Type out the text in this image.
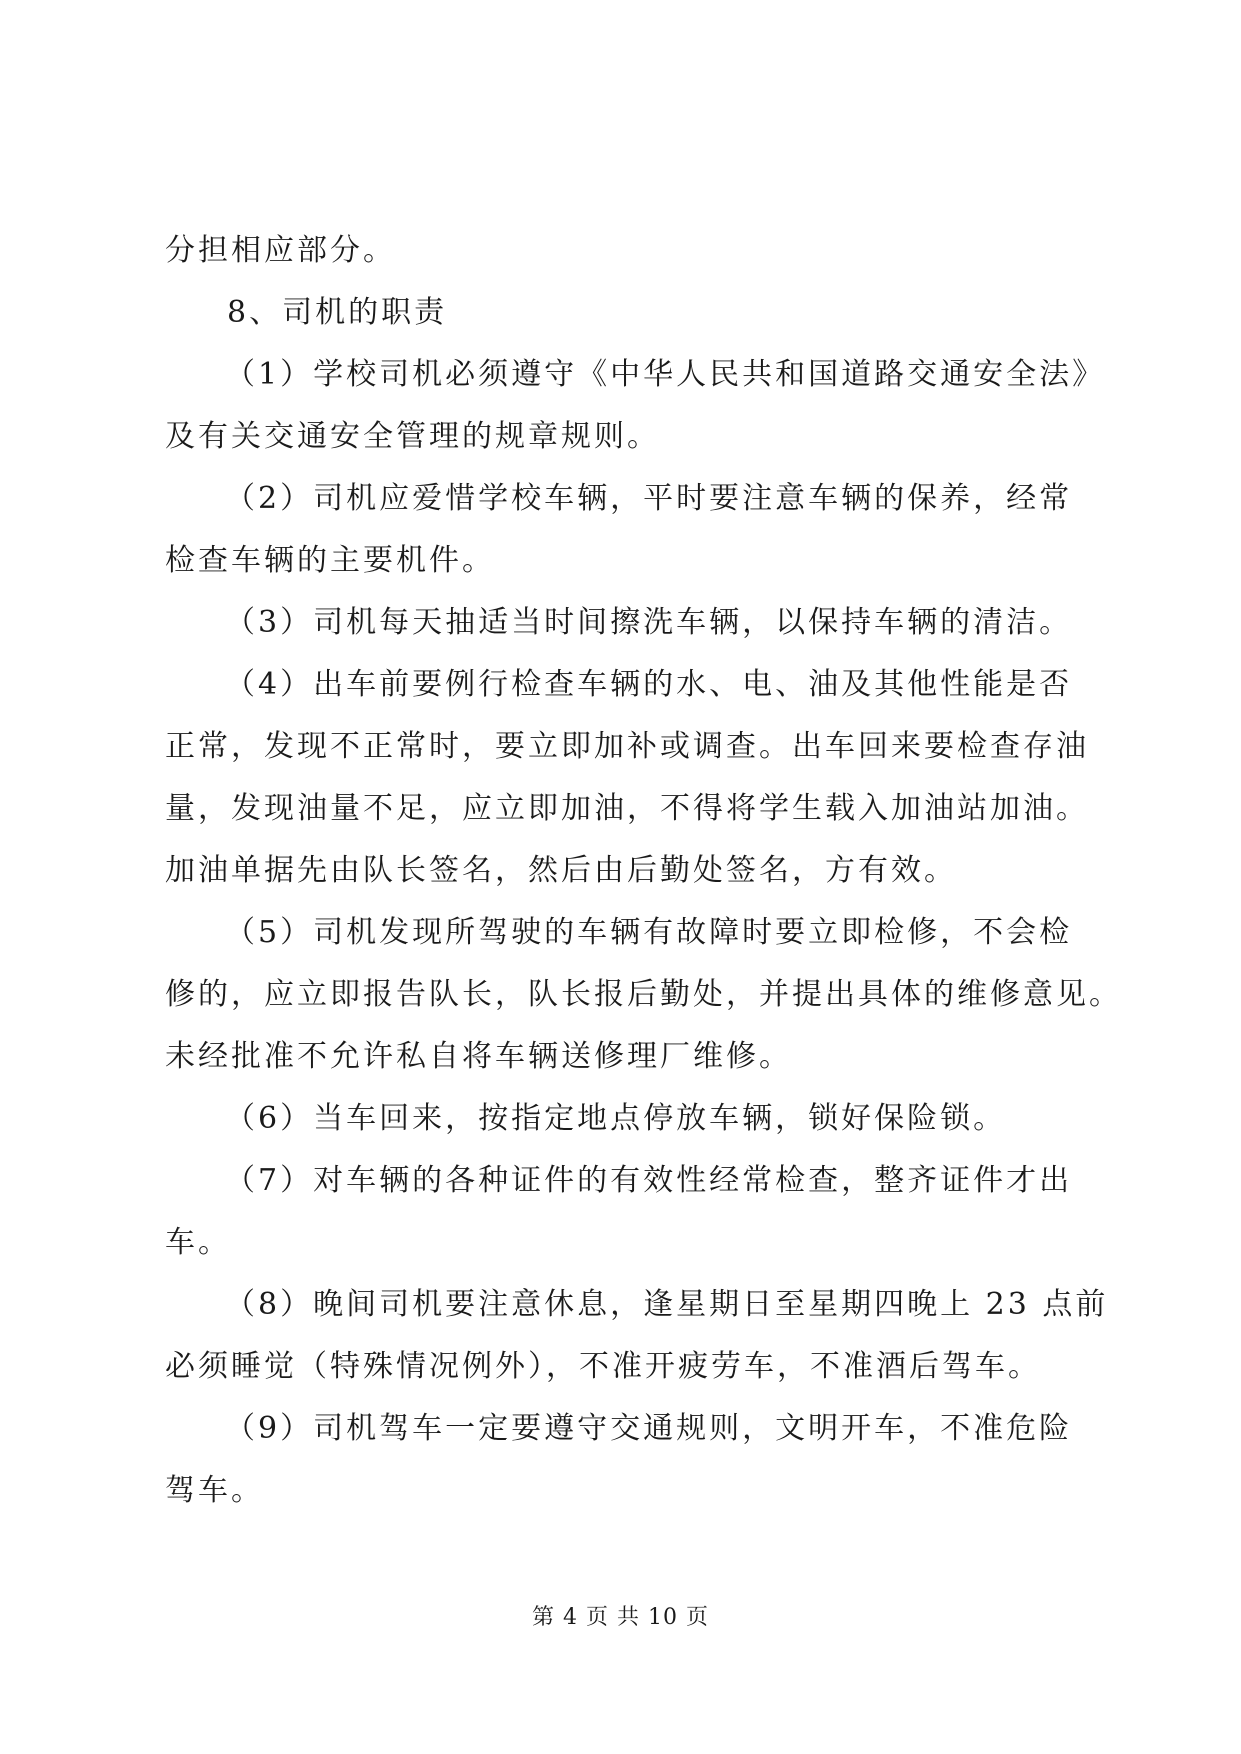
分担相应部分。
8、司机的职责
（1）学校司机必须遵守《中华人民共和国道路交通安全法》
及有关交通安全管理的规章规则。
（2）司机应爱惜学校车辆，平时要注意车辆的保养，经常
检查车辆的主要机件。
（3）司机每天抽适当时间擦洗车辆，以保持车辆的清洁。
（4）出车前要例行检查车辆的水、电、油及其他性能是否
正常，发现不正常时，要立即加补或调查。出车回来要检查存油
量，发现油量不足，应立即加油，不得将学生载入加油站加油。
加油单据先由队长签名，然后由后勤处签名，方有效。
（5）司机发现所驾驶的车辆有故障时要立即检修，不会检
修的，应立即报告队长，队长报后勤处，并提出具体的维修意见。
未经批准不允许私自将车辆送修理厂维修。
（6）当车回来，按指定地点停放车辆，锁好保险锁。
（7）对车辆的各种证件的有效性经常检查，整齐证件才出
车。
（8）晚间司机要注意休息，逢星期日至星期四晚上 23 点前
必须睡觉（特殊情况例外），不准开疲劳车，不准酒后驾车。
（9）司机驾车一定要遵守交通规则，文明开车，不准危险
驾车。
第 4 页 共 10 页
